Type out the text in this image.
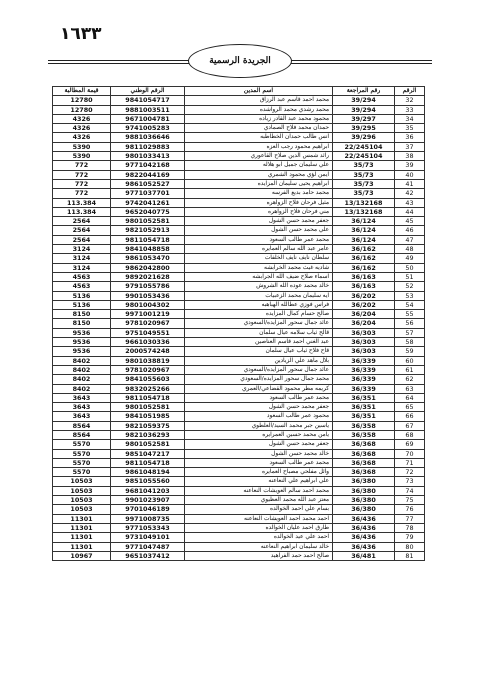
١٦٣٣
الجريدة الرسمية
الرقم	رقم المراجعة	اسم المدين	الرقم الوطني	قيمة المطالبة
32	39/294	محمد احمد قاسم عبد الرزاق	9841054717	12780
33	39/294	محمد رشدي محمد الرواشده	9881003511	12780
34	39/297	محمود محمد عبد القادر زياده	9671004781	4326
35	39/295	حمدان محمد فلاح الصمادي	9741005283	4326
36	39/296	انس طالب حمدان الخطاطبه	9881036646	4326
37	22/245104	ابراهيم محمود رجب العزه	9811029883	5390
38	22/245104	رائد شمس الدين صلاح القاعوري	9801033413	5390
39	35/73	علي سليمان جميل ابو هلاله	9771042168	772
40	35/73	ايمن لؤي محمود الشمري	9822044169	772
41	35/73	ابراهيم يحيى سليمان المزايده	9861052527	772
42	35/73	محمد حامد بديع الفرسه	9771037701	772
43	13/132168	مثيل فرحان فلاح الزواهره	9742041261	113.384
44	13/132168	مني فرحان فلاح الزواهره	9652040775	113.384
45	36/124	جعفر محمد حسن الشول	9801052581	2564
46	36/124	علي محمد حسن الشول	9821052913	2564
47	36/124	محمد عمر طالب السعود	9811054718	2564
48	36/162	عامر عبد الله سالم العمايره	9841048858	3124
49	36/162	سلطان نايف نايف الخلفات	9861053470	3124
50	36/162	شاديه غيث محمد الخرابشه	9862042800	3124
51	36/163	اسماء صلاح ضيف الله الجرابشه	9892021628	4563
52	36/163	خالد محمد عوده الله الشروش	9791055786	4563
53	36/202	ايه سليمان محمد الزعبيات	9901053436	5136
54	36/202	فراس فوزي عطالله الهباهبه	9801004302	5136
55	36/204	صالح حسام كمال المزايده	9971001219	8150
56	36/204	عائد جمال سحور المزايده/السعودي	9781020967	8150
57	36/303	قالح ثياب سلامه عيال سلمان	9751049551	9536
58	36/303	عبد الغني احمد قاسم العناصين	9661030336	9536
59	36/303	قاح فلاح ثياب عيال سلمان	2000574248	9536
60	36/339	بلال ماهد علي الزيادين	9801038819	8402
61	36/339	عائد جمال سحور المزايده/السعودي	9781020967	8402
62	36/339	محمد جمال سحور المزايده/السعودي	9841055603	8402
63	36/339	كريمه مطر محمود القضاعي/العمري	9832025266	8402
64	36/351	محمد عمر طالب السعود	9811054718	3643
65	36/351	جعفر محمد حسن الشول	9801052581	3643
66	36/351	محمود عمر طالب السعود	9841051985	3643
67	36/358	ياسين جبر محمد السيد/العلطوي	9821059375	8564
68	36/358	يامن محمد حسين العمرايره	9821036293	8564
69	36/368	جعفر محمد حسن الشول	9801052581	5570
70	36/368	خالد محمد حسن الشول	9851047217	5570
71	36/368	محمد عمر طالب السعود	9811054718	5570
72	36/368	وائل مفلحي مصباح العمايره	9861048194	5570
73	36/380	علي ابراهيم علي النعاعنه	9851055560	10503
74	36/380	محمد احمد سالم العويشات النعاعنه	9681041203	10503
75	36/380	معتز عبد الله محمد العظيوي	9901023907	10503
76	36/380	بسام علي احمد الخوالده	9701046189	10503
77	36/436	احمد محمد احمد العويشات النعاعنه	9971008735	11301
78	36/436	طارق احمد عليان الخوالده	9771053343	11301
79	36/436	احمد علي عيد الخوالده	9731049101	11301
80	36/436	خالد سليمان ابراهيم النعاعنه	9771047487	11301
81	36/481	صالح احمد حمد الفراهيد	9651037412	10967
